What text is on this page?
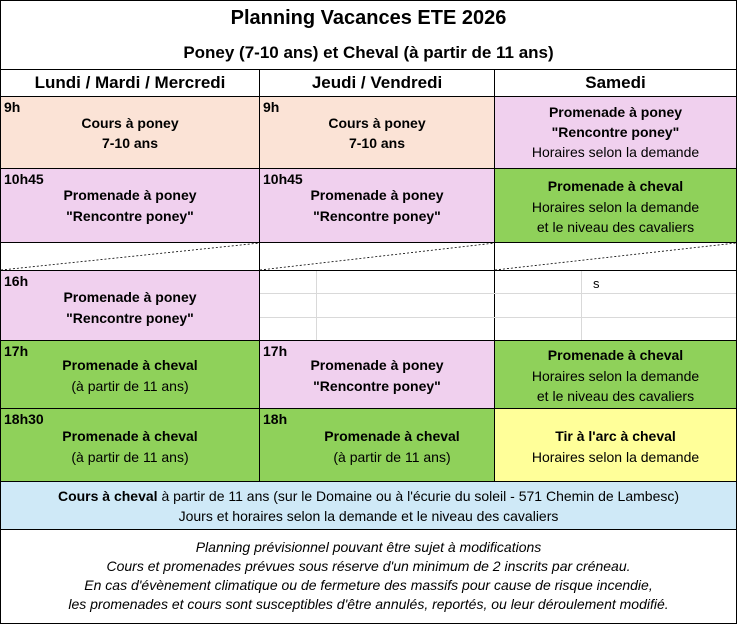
Planning Vacances ETE 2026
Poney (7-10 ans) et Cheval (à partir de 11 ans)
Lundi / Mardi / Mercredi	Jeudi / Vendredi	Samedi
9h
Cours à poney
7-10 ans
9h
Cours à poney
7-10 ans
Promenade à poney
"Rencontre poney"
Horaires selon la demande
10h45
Promenade à poney
"Rencontre poney"
10h45
Promenade à poney
"Rencontre poney"
Promenade à cheval
Horaires selon la demande
et le niveau des cavaliers
16h
Promenade à poney
"Rencontre poney"
s
17h
Promenade à cheval
(à partir de 11 ans)
17h
Promenade à poney
"Rencontre poney"
Promenade à cheval
Horaires selon la demande
et le niveau des cavaliers
18h30
Promenade à cheval
(à partir de 11 ans)
18h
Promenade à cheval
(à partir de 11 ans)
Tir à l'arc à cheval
Horaires selon la demande
Cours à cheval à partir de 11 ans (sur le Domaine ou à l'écurie du soleil - 571 Chemin de Lambesc)
Jours et horaires selon la demande et le niveau des cavaliers
Planning prévisionnel pouvant être sujet à modifications
Cours et promenades prévues sous réserve d'un minimum de 2 inscrits par créneau.
En cas d'évènement climatique ou de fermeture des massifs pour cause de risque incendie,
les promenades et cours sont susceptibles d'être annulés, reportés, ou leur déroulement modifié.
